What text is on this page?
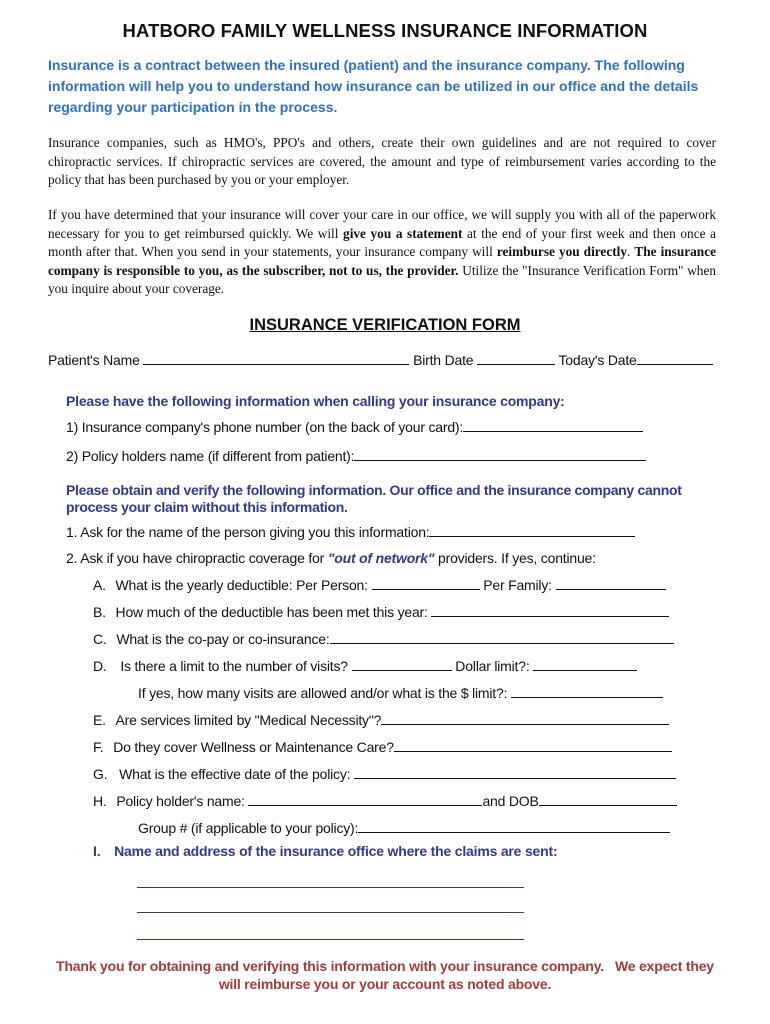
HATBORO FAMILY WELLNESS INSURANCE INFORMATION
Insurance is a contract between the insured (patient) and the insurance company. The following information will help you to understand how insurance can be utilized in our office and the details regarding your participation in the process.
Insurance companies, such as HMO's, PPO's and others, create their own guidelines and are not required to cover chiropractic services. If chiropractic services are covered, the amount and type of reimbursement varies according to the policy that has been purchased by you or your employer.
If you have determined that your insurance will cover your care in our office, we will supply you with all of the paperwork necessary for you to get reimbursed quickly. We will give you a statement at the end of your first week and then once a month after that. When you send in your statements, your insurance company will reimburse you directly. The insurance company is responsible to you, as the subscriber, not to us, the provider. Utilize the "Insurance Verification Form" when you inquire about your coverage.
INSURANCE VERIFICATION FORM
Patient's Name	Birth Date	Today's Date
Please have the following information when calling your insurance company:
1) Insurance company's phone number (on the back of your card):
2) Policy holders name (if different from patient):
Please obtain and verify the following information. Our office and the insurance company cannot process your claim without this information.
1. Ask for the name of the person giving you this information:
2. Ask if you have chiropractic coverage for "out of network" providers. If yes, continue:
A. What is the yearly deductible: Per Person:	Per Family:
B. How much of the deductible has been met this year:
C. What is the co-pay or co-insurance:
D. Is there a limit to the number of visits?	Dollar limit?:
If yes, how many visits are allowed and/or what is the $ limit?:
E. Are services limited by "Medical Necessity"?
F. Do they cover Wellness or Maintenance Care?
G. What is the effective date of the policy:
H. Policy holder's name:	and DOB
Group # (if applicable to your policy):
I. Name and address of the insurance office where the claims are sent:
Thank you for obtaining and verifying this information with your insurance company.   We expect they
will reimburse you or your account as noted above.
